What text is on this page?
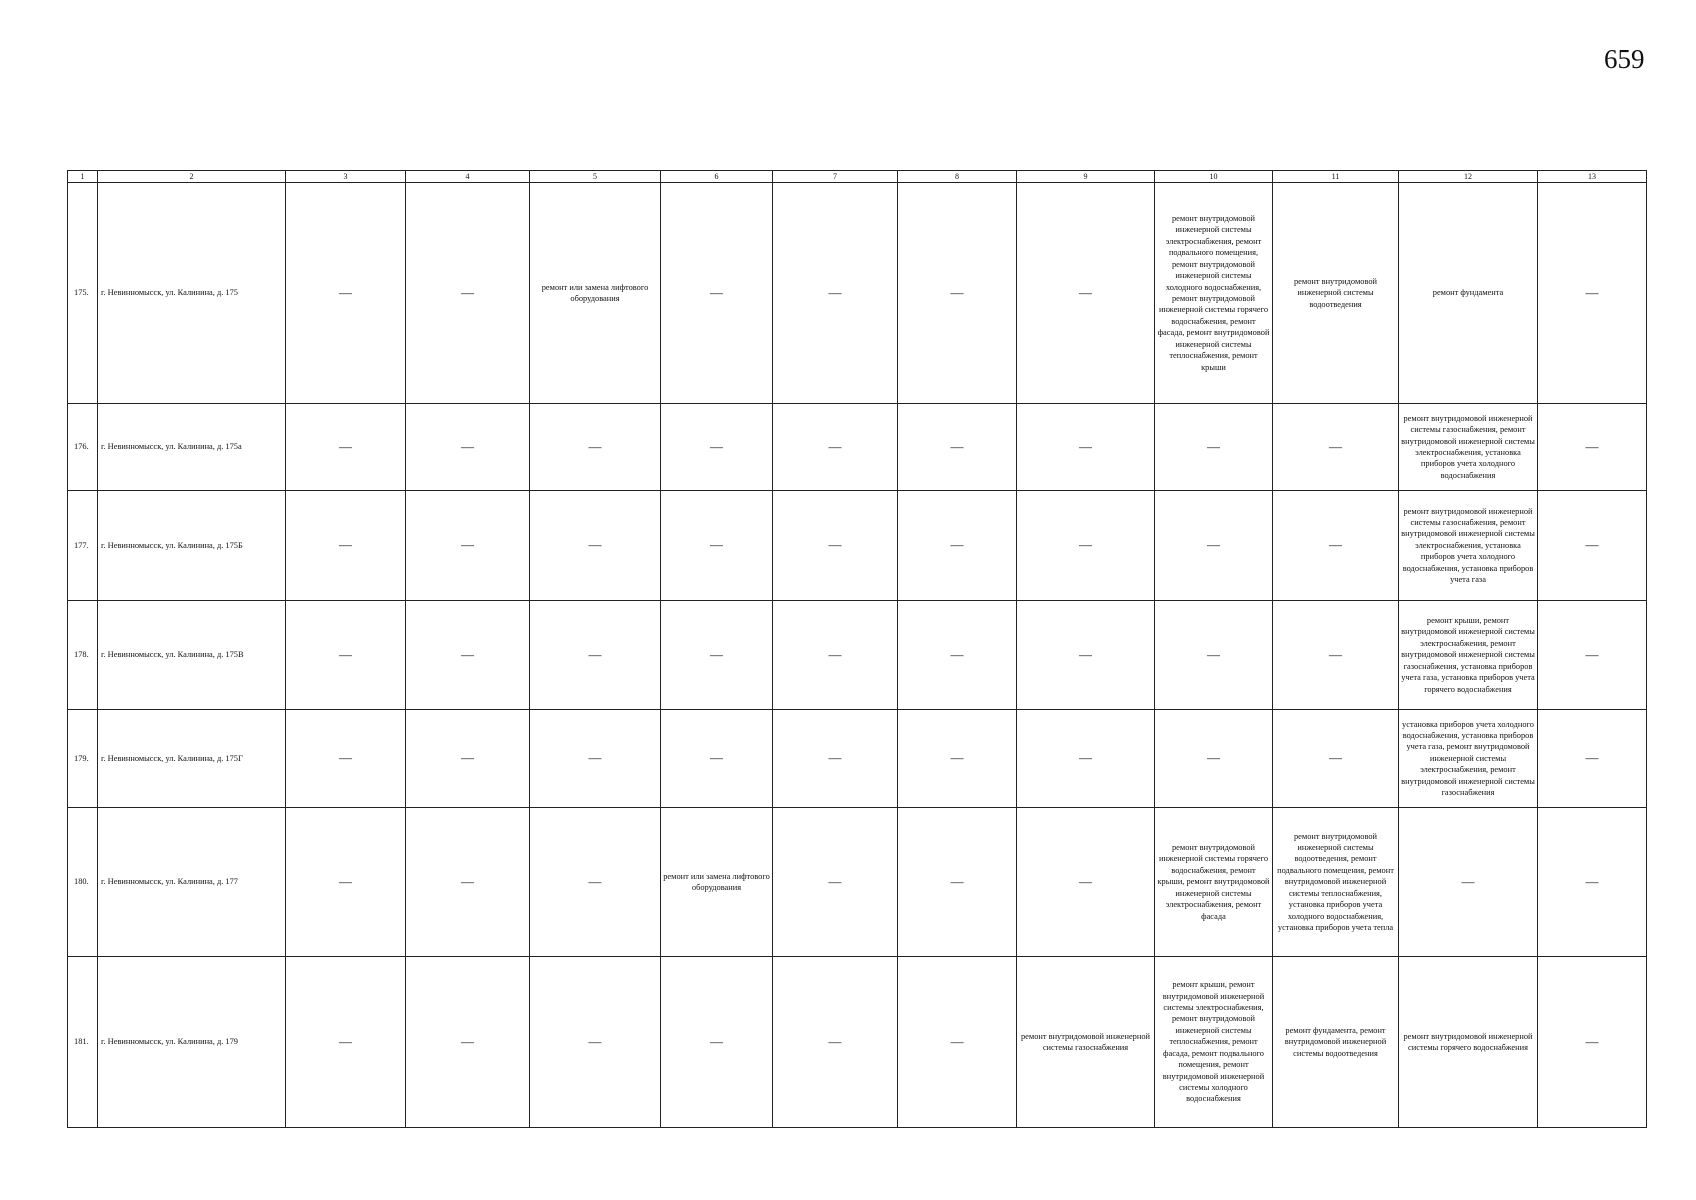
659
1	2	3	4	5	6	7	8	9	10	11	12	13
175.	г. Невинномысск, ул. Калинина, д. 175	—	—	ремонт или замена лифтового оборудования	—	—	—	—	ремонт внутридомовой инженерной системы электроснабжения, ремонт подвального помещения, ремонт внутридомовой инженерной системы холодного водоснабжения, ремонт внутридомовой инженерной системы горячего водоснабжения, ремонт фасада, ремонт внутридомовой инженерной системы теплоснабжения, ремонт крыши	ремонт внутридомовой инженерной системы водоотведения	ремонт фундамента	—
176.	г. Невинномысск, ул. Калинина, д. 175а	—	—	—	—	—	—	—	—	—	ремонт внутридомовой инженерной системы газоснабжения, ремонт внутридомовой инженерной системы электроснабжения, установка приборов учета холодного водоснабжения	—
177.	г. Невинномысск, ул. Калинина, д. 175Б	—	—	—	—	—	—	—	—	—	ремонт внутридомовой инженерной системы газоснабжения, ремонт внутридомовой инженерной системы электроснабжения, установка приборов учета холодного водоснабжения, установка приборов учета газа	—
178.	г. Невинномысск, ул. Калинина, д. 175В	—	—	—	—	—	—	—	—	—	ремонт крыши, ремонт внутридомовой инженерной системы электроснабжения, ремонт внутридомовой инженерной системы газоснабжения, установка приборов учета газа, установка приборов учета горячего водоснабжения	—
179.	г. Невинномысск, ул. Калинина, д. 175Г	—	—	—	—	—	—	—	—	—	установка приборов учета холодного водоснабжения, установка приборов учета газа, ремонт внутридомовой инженерной системы электроснабжения, ремонт внутридомовой инженерной системы газоснабжения	—
180.	г. Невинномысск, ул. Калинина, д. 177	—	—	—	ремонт или замена лифтового оборудования	—	—	—	ремонт внутридомовой инженерной системы горячего водоснабжения, ремонт крыши, ремонт внутридомовой инженерной системы электроснабжения, ремонт фасада	ремонт внутридомовой инженерной системы водоотведения, ремонт подвального помещения, ремонт внутридомовой инженерной системы теплоснабжения, установка приборов учета холодного водоснабжения, установка приборов учета тепла	—	—
181.	г. Невинномысск, ул. Калинина, д. 179	—	—	—	—	—	—	ремонт внутридомовой инженерной системы газоснабжения	ремонт крыши, ремонт внутридомовой инженерной системы электроснабжения, ремонт внутридомовой инженерной системы теплоснабжения, ремонт фасада, ремонт подвального помещения, ремонт внутридомовой инженерной системы холодного водоснабжения	ремонт фундамента, ремонт внутридомовой инженерной системы водоотведения	ремонт внутридомовой инженерной системы горячего водоснабжения	—
